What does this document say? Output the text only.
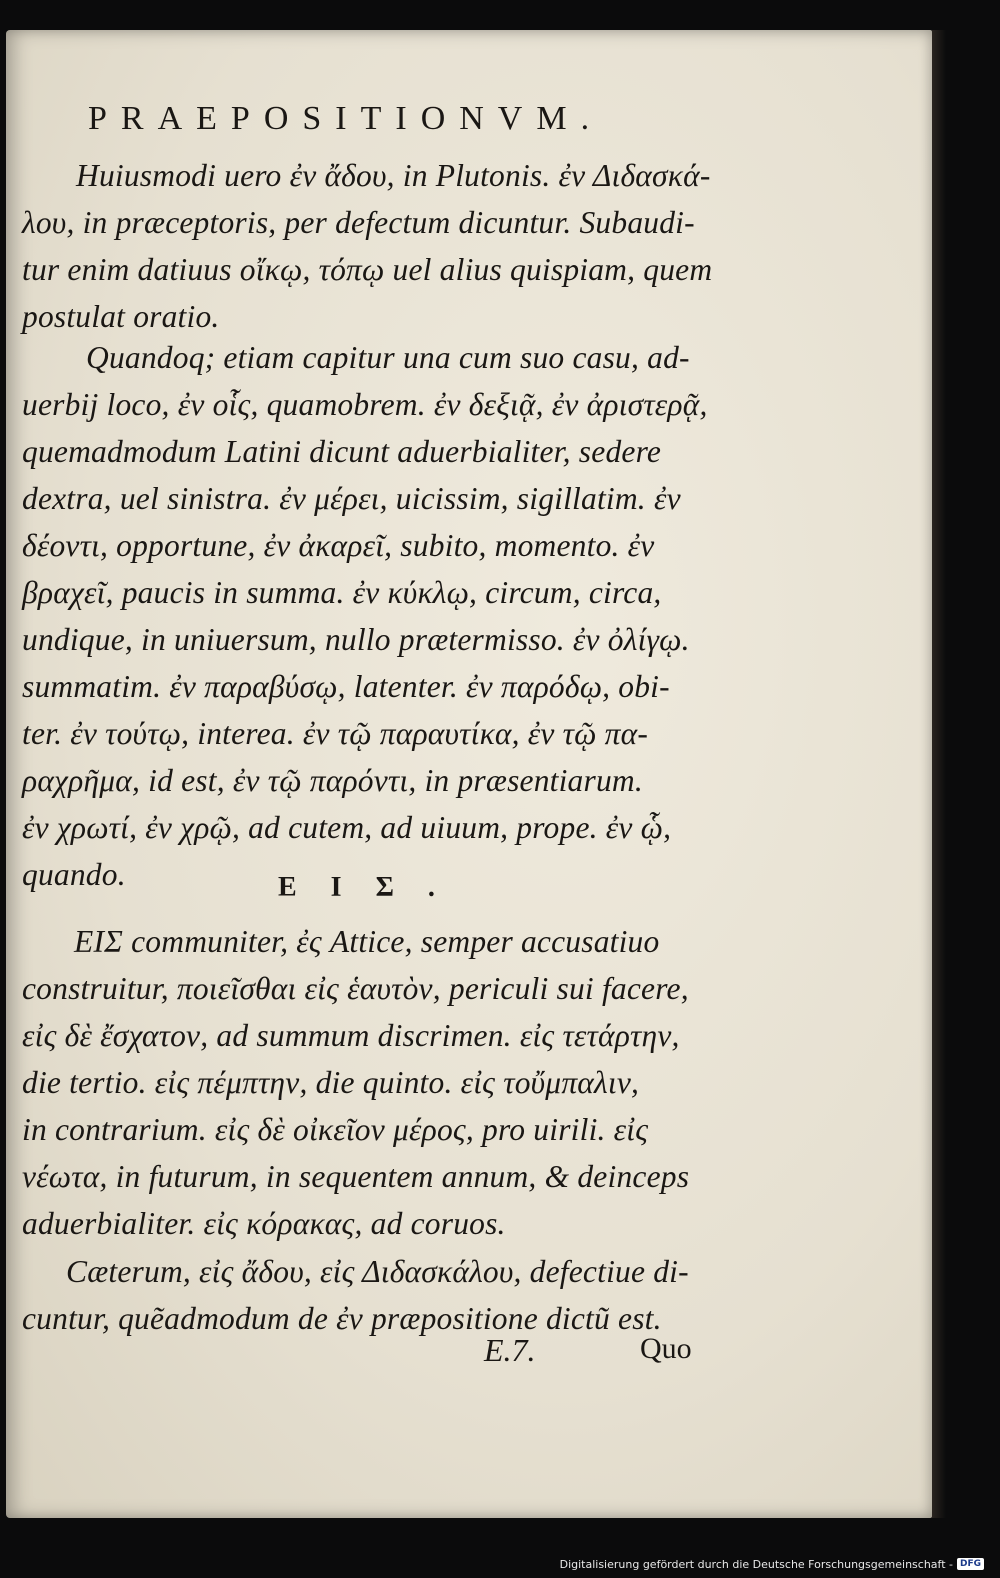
PRAEPOSITIONVM.
Huiusmodi uero ἐν ἄδου, in Plutonis. ἐν Διδασκά-
λου, in præceptoris, per defectum dicuntur. Subaudi-
tur enim datiuus οἴκῳ, τόπῳ uel alius quispiam, quem
postulat oratio.
Quandoq; etiam capitur una cum suo casu, ad-
uerbij loco, ἐν οἷς, quamobrem. ἐν δεξιᾷ, ἐν ἀριστερᾷ,
quemadmodum Latini dicunt aduerbialiter, sedere
dextra, uel sinistra. ἐν μέρει, uicissim, sigillatim. ἐν
δέοντι, opportune, ἐν ἀκαρεῖ, subito, momento. ἐν
βραχεῖ, paucis in summa. ἐν κύκλῳ, circum, circa,
undique, in uniuersum, nullo prætermisso. ἐν ὀλίγῳ.
summatim. ἐν παραβύσῳ, latenter. ἐν παρόδῳ, obi-
ter. ἐν τούτῳ, interea. ἐν τῷ παραυτίκα, ἐν τῷ πα-
ραχρῆμα, id est, ἐν τῷ παρόντι, in præsentiarum.
ἐν χρωτί, ἐν χρῷ, ad cutem, ad uiuum, prope. ἐν ᾧ,
quando.
ΕΙΣ communiter, ἐς Attice, semper accusatiuo
construitur, ποιεῖσθαι εἰς ἑαυτὸν, periculi sui facere,
εἰς δὲ ἔσχατον, ad summum discrimen. εἰς τετάρτην,
die tertio. εἰς πέμπτην, die quinto. εἰς τοὔμπαλιν,
in contrarium. εἰς δὲ οἰκεῖον μέρος, pro uirili. εἰς
νέωτα, in futurum, in sequentem annum, & deinceps
aduerbialiter. εἰς κόρακας, ad coruos.
Cæterum, εἰς ἄδου, εἰς Διδασκάλου, defectiue di-
cuntur, quẽadmodum de ἐν præpositione dictũ est.
ΕΙΣ.
E.7.	Quo
Digitalisierung gefördert durch die Deutsche Forschungsgemeinschaft - DFG
